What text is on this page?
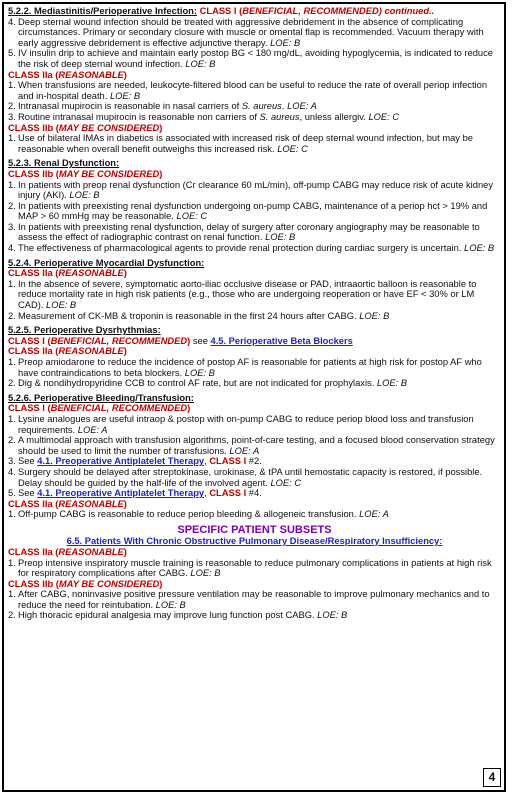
5.2.2. Mediastinitis/Perioperative Infection: CLASS I (BENEFICIAL, RECOMMENDED) continued..
4. Deep sternal wound infection should be treated with aggressive debridement in the absence of complicating circumstances. Primary or secondary closure with muscle or omental flap is recommended. Vacuum therapy with early aggressive debridement is effective adjunctive therapy. LOE: B
5. IV insulin drip to achieve and maintain early postop BG < 180 mg/dL, avoiding hypoglycemia, is indicated to reduce the risk of deep sternal wound infection. LOE: B
CLASS IIa (REASONABLE)
1. When transfusions are needed, leukocyte-filtered blood can be useful to reduce the rate of overall periop infection and in-hospital death. LOE: B
2. Intranasal mupirocin is reasonable in nasal carriers of S. aureus. LOE: A
3. Routine intranasal mupirocin is reasonable non carriers of S. aureus, unless allergiv. LOE: C
CLASS IIb (MAY BE CONSIDERED)
1. Use of bilateral IMAs in diabetics is associated with increased risk of deep sternal wound infection, but may be reasonable when overall benefit outweighs this increased risk. LOE: C
5.2.3. Renal Dysfunction:
CLASS IIb (MAY BE CONSIDERED)
1. In patients with preop renal dysfunction (Cr clearance 60 mL/min), off-pump CABG may reduce risk of acute kidney injury (AKI). LOE: B
2. In patients with preexisting renal dysfunction undergoing on-pump CABG, maintenance of a periop hct > 19% and MAP > 60 mmHg may be reasonable. LOE: C
3. In patients with preexisting renal dysfunction, delay of surgery after coronary angiography may be reasonable to assess the effect of radiographic contrast on renal function. LOE: B
4. The effectiveness of pharmacological agents to provide renal protection during cardiac surgery is uncertain. LOE: B
5.2.4. Perioperative Myocardial Dysfunction:
CLASS IIa (REASONABLE)
1. In the absence of severe, symptomatic aorto-iliac occlusive disease or PAD, intraaortic balloon is reasonable to reduce mortality rate in high risk patients (e.g., those who are undergoing reoperation or have EF < 30% or LM CAD). LOE: B
2. Measurement of CK-MB & troponin is reasonable in the first 24 hours after CABG. LOE: B
5.2.5. Perioperative Dysrhythmias:
CLASS I (BENEFICIAL, RECOMMENDED) see 4.5. Perioperative Beta Blockers
CLASS IIa (REASONABLE)
1. Preop amiodarone to reduce the incidence of postop AF is reasonable for patients at high risk for postop AF who have contraindications to beta blockers. LOE: B
2. Dig & nondihydropyridine CCB to control AF rate, but are not indicated for prophylaxis. LOE: B
5.2.6. Perioperative Bleeding/Transfusion:
CLASS I (BENEFICIAL, RECOMMENDED)
1. Lysine analogues are useful intraop & postop with on-pump CABG to reduce periop blood loss and transfusion requirements. LOE: A
2. A multimodal approach with transfusion algorithms, point-of-care testing, and a focused blood conservation strategy should be used to limit the number of transfusions. LOE: A
3. See 4.1. Preoperative Antiplatelet Therapy, CLASS I #2.
4. Surgery should be delayed after streptokinase, urokinase, & tPA until hemostatic capacity is restored, if possible. Delay should be guided by the half-life of the involved agent. LOE: C
5. See 4.1. Preoperative Antiplatelet Therapy, CLASS I #4.
CLASS IIa (REASONABLE)
1. Off-pump CABG is reasonable to reduce periop bleeding & allogeneic transfusion. LOE: A
SPECIFIC PATIENT SUBSETS
6.5. Patients With Chronic Obstructive Pulmonary Disease/Respiratory Insufficiency:
CLASS IIa (REASONABLE)
1. Preop intensive inspiratory muscle training is reasonable to reduce pulmonary complications in patients at high risk for respiratory complications after CABG. LOE: B
CLASS IIb (MAY BE CONSIDERED)
1. After CABG, noninvasive positive pressure ventilation may be reasonable to improve pulmonary mechanics and to reduce the need for reintubation. LOE: B
2. High thoracic epidural analgesia may improve lung function post CABG. LOE: B
4
